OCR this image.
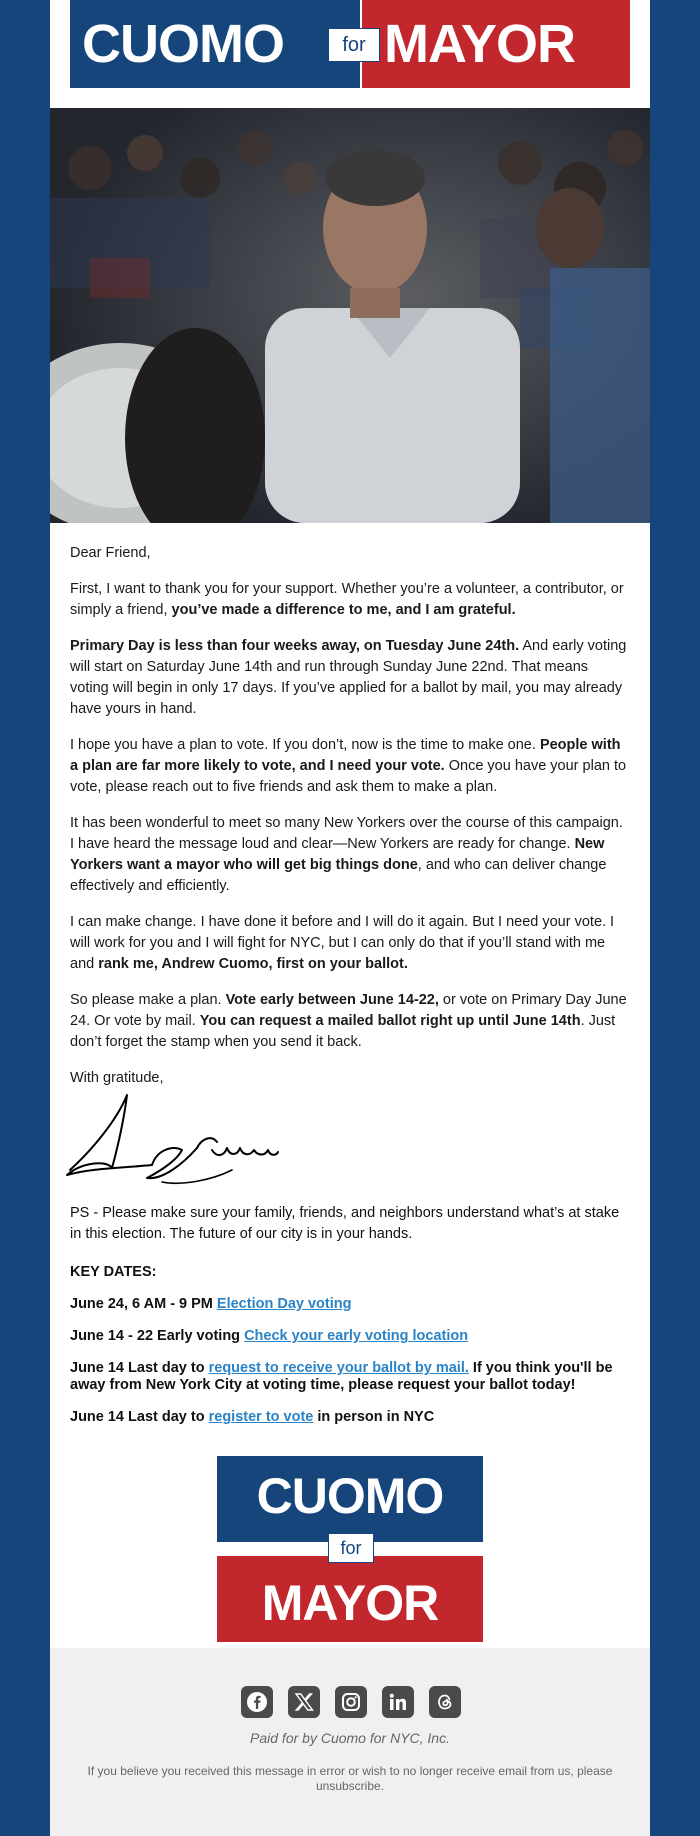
CUOMO MAYOR
for

Dear Friend,

First, I want to thank you for your support. Whether you’re a volunteer, a contributor, or simply a friend, you’ve made a difference to me, and I am grateful.

Primary Day is less than four weeks away, on Tuesday June 24th. And early voting will start on Saturday June 14th and run through Sunday June 22nd. That means voting will begin in only 17 days. If you’ve applied for a ballot by mail, you may already have yours in hand.

I hope you have a plan to vote. If you don’t, now is the time to make one. People with a plan are far more likely to vote, and I need your vote. Once you have your plan to vote, please reach out to five friends and ask them to make a plan.

It has been wonderful to meet so many New Yorkers over the course of this campaign. I have heard the message loud and clear—New Yorkers are ready for change. New Yorkers want a mayor who will get big things done, and who can deliver change effectively and efficiently.

I can make change. I have done it before and I will do it again. But I need your vote. I will work for you and I will fight for NYC, but I can only do that if you’ll stand with me and rank me, Andrew Cuomo, first on your ballot.

So please make a plan. Vote early between June 14-22, or vote on Primary Day June 24. Or vote by mail. You can request a mailed ballot right up until June 14th. Just don’t forget the stamp when you send it back.

With gratitude,

PS - Please make sure your family, friends, and neighbors understand what’s at stake in this election. The future of our city is in your hands.

KEY DATES:
June 24, 6 AM - 9 PM Election Day voting
June 14 - 22 Early voting Check your early voting location
June 14 Last day to request to receive your ballot by mail. If you think you'll be away from New York City at voting time, please request your ballot today!
June 14 Last day to register to vote in person in NYC
CUOMO
MAYOR
for
Paid for by Cuomo for NYC, Inc.
If you believe you received this message in error or wish to no longer receive email from us, please unsubscribe.
